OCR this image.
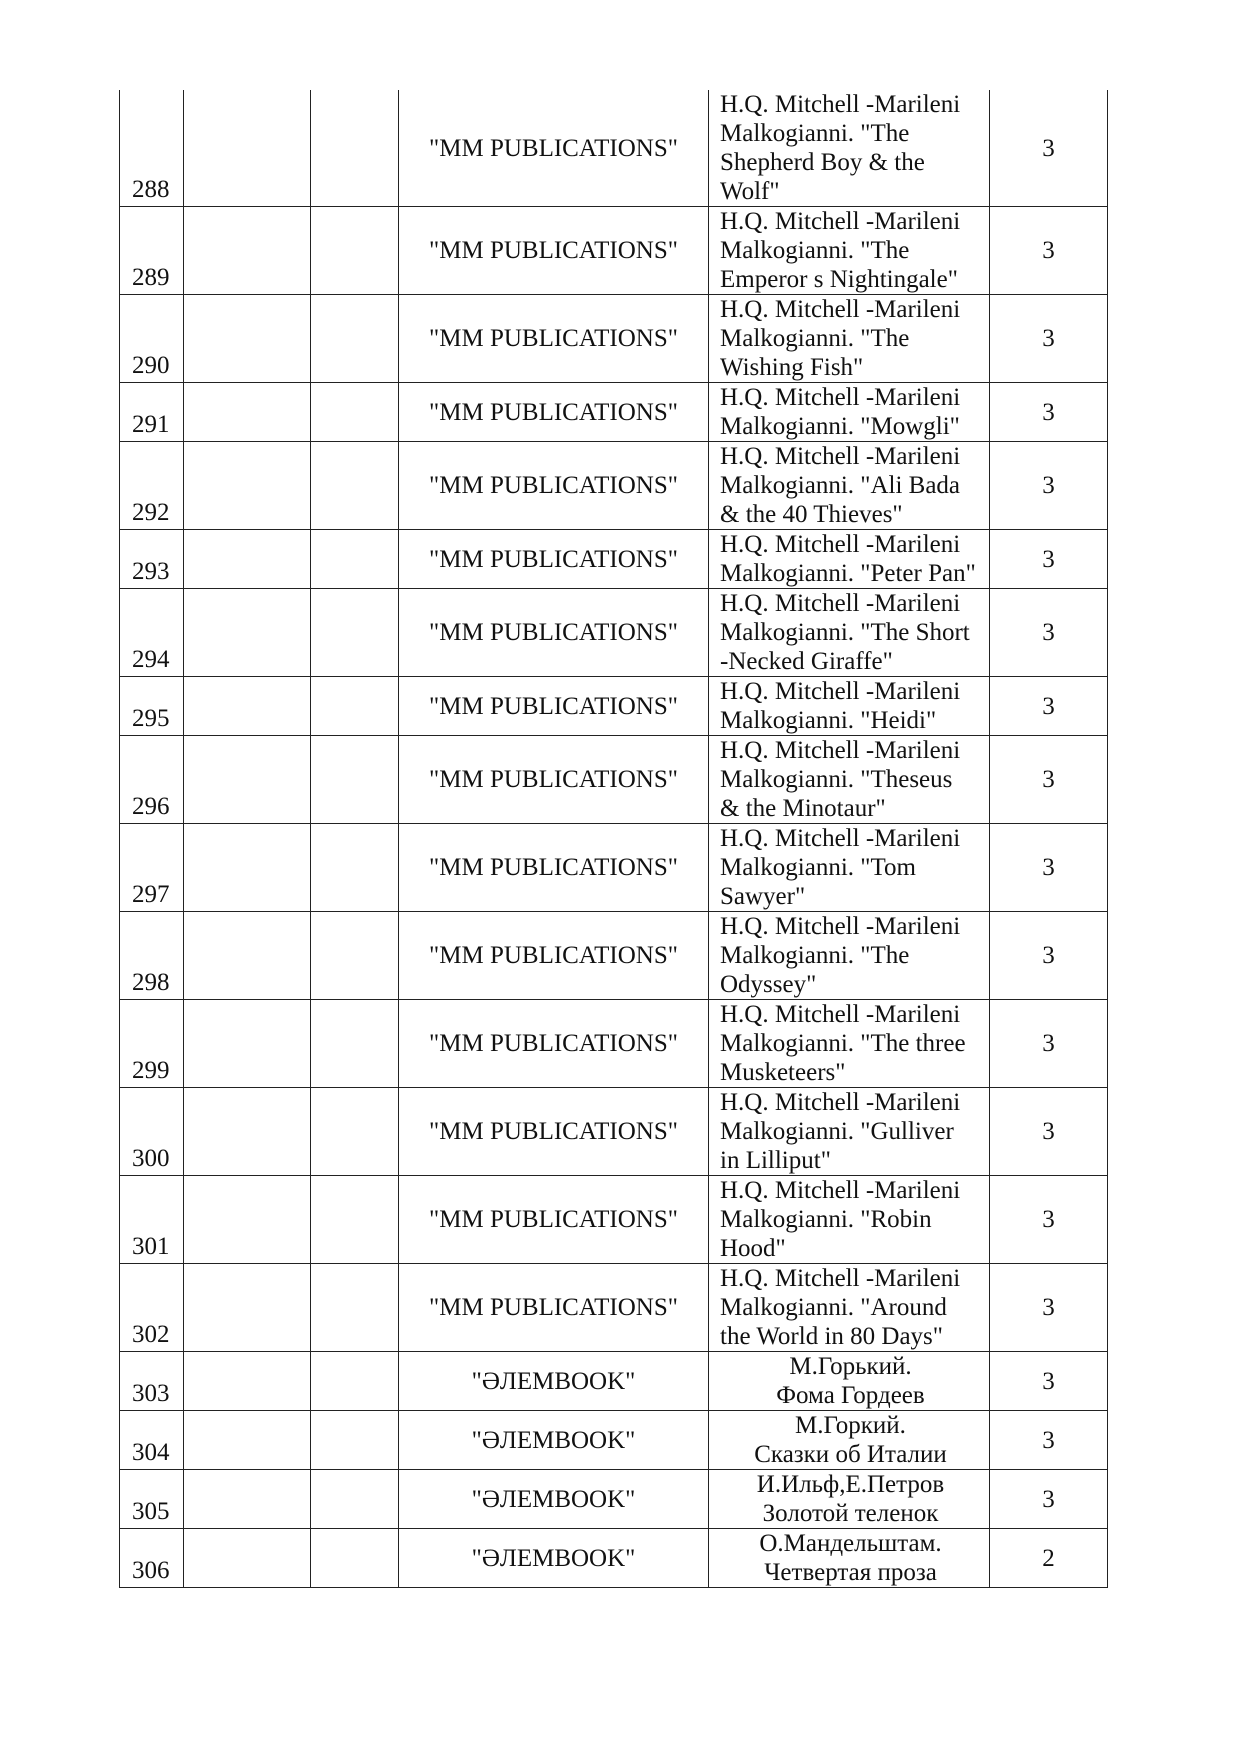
288			"MM PUBLICATIONS"	H.Q. Mitchell -Marileni
Malkogianni. "The
Shepherd Boy & the
Wolf"	3
289			"MM PUBLICATIONS"	H.Q. Mitchell -Marileni
Malkogianni. "The
Emperor s Nightingale"	3
290			"MM PUBLICATIONS"	H.Q. Mitchell -Marileni
Malkogianni. "The
Wishing Fish"	3
291			"MM PUBLICATIONS"	H.Q. Mitchell -Marileni
Malkogianni. "Mowgli"	3
292			"MM PUBLICATIONS"	H.Q. Mitchell -Marileni
Malkogianni. "Ali Bada
& the 40 Thieves"	3
293			"MM PUBLICATIONS"	H.Q. Mitchell -Marileni
Malkogianni. "Peter Pan"	3
294			"MM PUBLICATIONS"	H.Q. Mitchell -Marileni
Malkogianni. "The Short
-Necked Giraffe"	3
295			"MM PUBLICATIONS"	H.Q. Mitchell -Marileni
Malkogianni. "Heidi"	3
296			"MM PUBLICATIONS"	H.Q. Mitchell -Marileni
Malkogianni. "Theseus
& the Minotaur"	3
297			"MM PUBLICATIONS"	H.Q. Mitchell -Marileni
Malkogianni. "Tom
Sawyer"	3
298			"MM PUBLICATIONS"	H.Q. Mitchell -Marileni
Malkogianni. "The
Odyssey"	3
299			"MM PUBLICATIONS"	H.Q. Mitchell -Marileni
Malkogianni. "The three
Musketeers"	3
300			"MM PUBLICATIONS"	H.Q. Mitchell -Marileni
Malkogianni. "Gulliver
in Lilliput"	3
301			"MM PUBLICATIONS"	H.Q. Mitchell -Marileni
Malkogianni. "Robin
Hood"	3
302			"MM PUBLICATIONS"	H.Q. Mitchell -Marileni
Malkogianni. "Around
the World in 80 Days"	3
303			"ӘЛЕМBOOK"	М.Горький.
Фома Гордеев	3
304			"ӘЛЕМBOOK"	М.Горкий.
Сказки об Италии	3
305			"ӘЛЕМBOOK"	И.Ильф,Е.Петров
Золотой теленок	3
306			"ӘЛЕМBOOK"	О.Мандельштам.
Четвертая проза	2
